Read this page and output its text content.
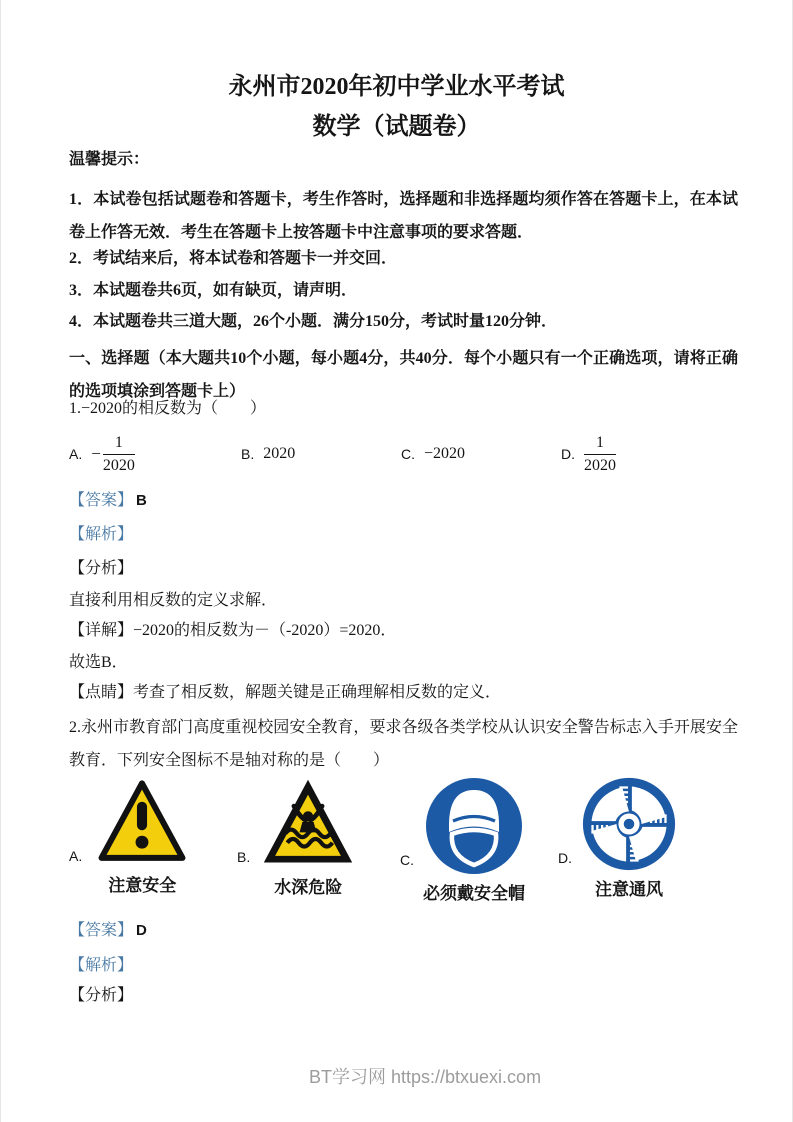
永州市2020年初中学业水平考试
数学（试题卷）

温馨提示：

1．本试卷包括试题卷和答题卡，考生作答时，选择题和非选择题均须作答在答题卡上，在本试卷上作答无效．考生在答题卡上按答题卡中注意事项的要求答题．

2．考试结来后，将本试卷和答题卡一并交回．

3．本试题卷共6页，如有缺页，请声明．

4．本试题卷共三道大题，26个小题．满分150分，考试时量120分钟．

一、选择题（本大题共10个小题，每小题4分，共40分．每个小题只有一个正确选项，请将正确的选项填涂到答题卡上）

1.−2020的相反数为（　　）

A. − $\frac{1}{2020}$	B. 2020	C. −2020	D. $\frac{1}{2020}$

【答案】 B

【解析】

【分析】

直接利用相反数的定义求解．

【详解】−2020的相反数为－（-2020）=2020．

故选B．

【点睛】考查了相反数，解题关键是正确理解相反数的定义．

2.永州市教育部门高度重视校园安全教育，要求各级各类学校从认识安全警告标志入手开展安全教育．下列安全图标不是轴对称的是（　　）

A.
注意安全
B.
水深危险
C.
必须戴安全帽
D.
注意通风

【答案】 D

【解析】

【分析】

BT学习网 https://btxuexi.com
